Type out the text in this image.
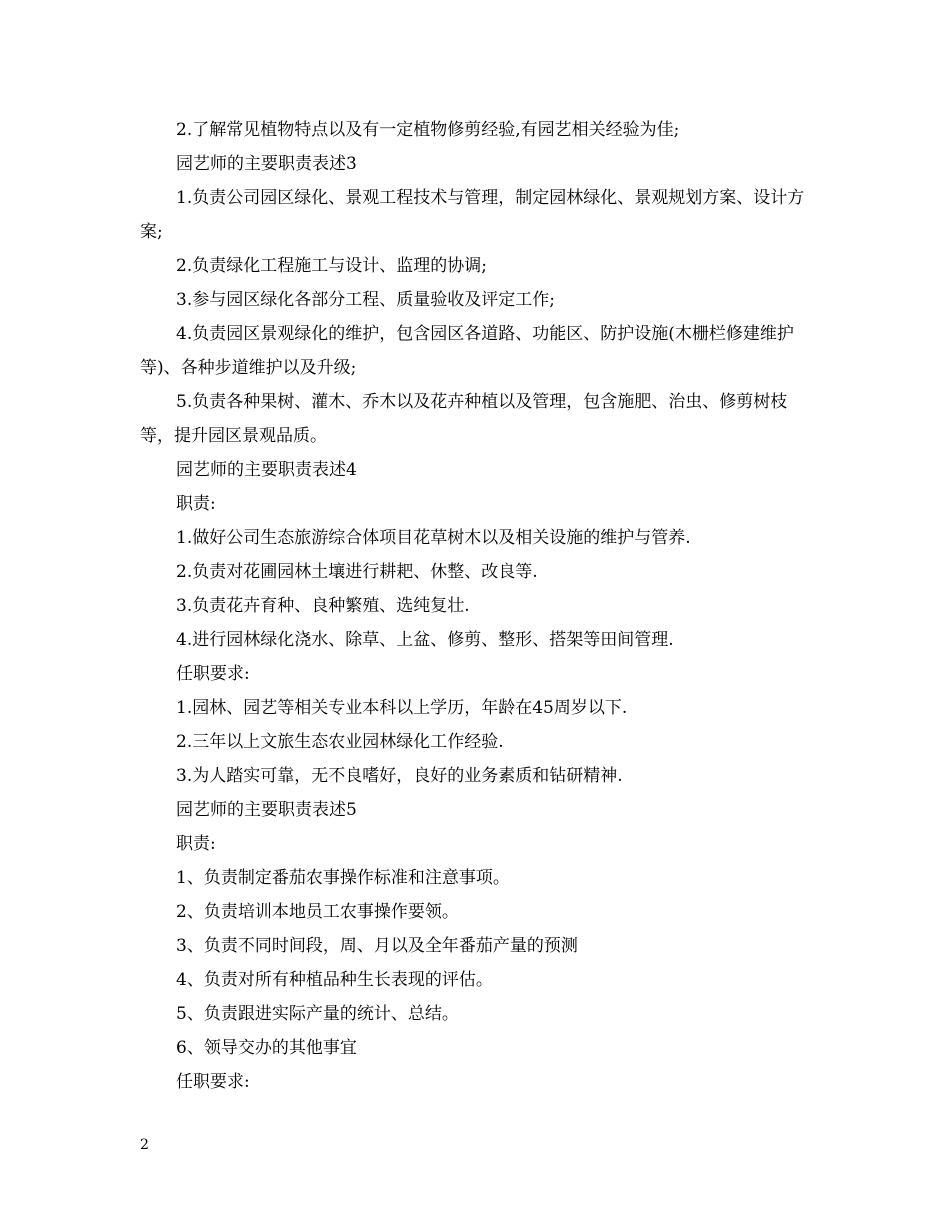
2.了解常见植物特点以及有一定植物修剪经验,有园艺相关经验为佳;

园艺师的主要职责表述3

1.负责公司园区绿化、景观工程技术与管理，制定园林绿化、景观规划方案、设计方案;

2.负责绿化工程施工与设计、监理的协调;

3.参与园区绿化各部分工程、质量验收及评定工作;

4.负责园区景观绿化的维护，包含园区各道路、功能区、防护设施(木栅栏修建维护等)、各种步道维护以及升级;

5.负责各种果树、灌木、乔木以及花卉种植以及管理，包含施肥、治虫、修剪树枝等，提升园区景观品质。

园艺师的主要职责表述4

职责:

1.做好公司生态旅游综合体项目花草树木以及相关设施的维护与管养.

2.负责对花圃园林土壤进行耕耙、休整、改良等.

3.负责花卉育种、良种繁殖、选纯复壮.

4.进行园林绿化浇水、除草、上盆、修剪、整形、搭架等田间管理.

任职要求:

1.园林、园艺等相关专业本科以上学历，年龄在45周岁以下.

2.三年以上文旅生态农业园林绿化工作经验.

3.为人踏实可靠，无不良嗜好，良好的业务素质和钻研精神.

园艺师的主要职责表述5

职责:

1、负责制定番茄农事操作标准和注意事项。

2、负责培训本地员工农事操作要领。

3、负责不同时间段，周、月以及全年番茄产量的预测

4、负责对所有种植品种生长表现的评估。

5、负责跟进实际产量的统计、总结。

6、领导交办的其他事宜

任职要求:

2
